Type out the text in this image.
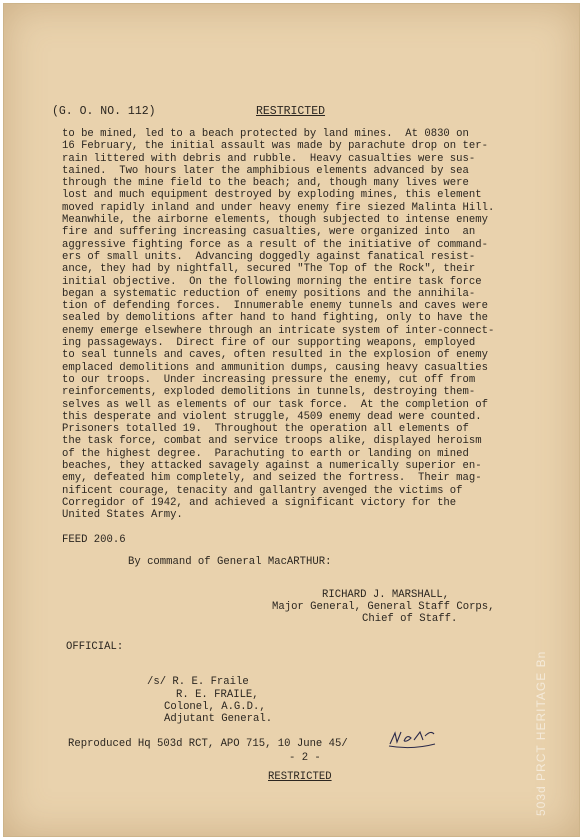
(G. O. NO. 112)	RESTRICTED
to be mined, led to a beach protected by land mines.  At 0830 on
16 February, the initial assault was made by parachute drop on ter-
rain littered with debris and rubble.  Heavy casualties were sus-
tained.  Two hours later the amphibious elements advanced by sea
through the mine field to the beach; and, though many lives were
lost and much equipment destroyed by exploding mines, this element
moved rapidly inland and under heavy enemy fire siezed Malinta Hill.
Meanwhile, the airborne elements, though subjected to intense enemy
fire and suffering increasing casualties, were organized into  an
aggressive fighting force as a result of the initiative of command-
ers of small units.  Advancing doggedly against fanatical resist-
ance, they had by nightfall, secured "The Top of the Rock", their
initial objective.  On the following morning the entire task force
began a systematic reduction of enemy positions and the annihila-
tion of defending forces.  Innumerable enemy tunnels and caves were
sealed by demolitions after hand to hand fighting, only to have the
enemy emerge elsewhere through an intricate system of inter-connect-
ing passageways.  Direct fire of our supporting weapons, employed
to seal tunnels and caves, often resulted in the explosion of enemy
emplaced demolitions and ammunition dumps, causing heavy casualties
to our troops.  Under increasing pressure the enemy, cut off from
reinforcements, exploded demolitions in tunnels, destroying them-
selves as well as elements of our task force.  At the completion of
this desperate and violent struggle, 4509 enemy dead were counted.
Prisoners totalled 19.  Throughout the operation all elements of
the task force, combat and service troops alike, displayed heroism
of the highest degree.  Parachuting to earth or landing on mined
beaches, they attacked savagely against a numerically superior en-
emy, defeated him completely, and seized the fortress.  Their mag-
nificent courage, tenacity and gallantry avenged the victims of
Corregidor of 1942, and achieved a significant victory for the
United States Army.
FEED 200.6
By command of General MacARTHUR:
RICHARD J. MARSHALL,
Major General, General Staff Corps,
Chief of Staff.
OFFICIAL:
/s/ R. E. Fraile
R. E. FRAILE,
Colonel, A.G.D.,
Adjutant General.
Reproduced Hq 503d RCT, APO 715, 10 June 45/
- 2 -
RESTRICTED	503d PRCT HERITAGE Bn
